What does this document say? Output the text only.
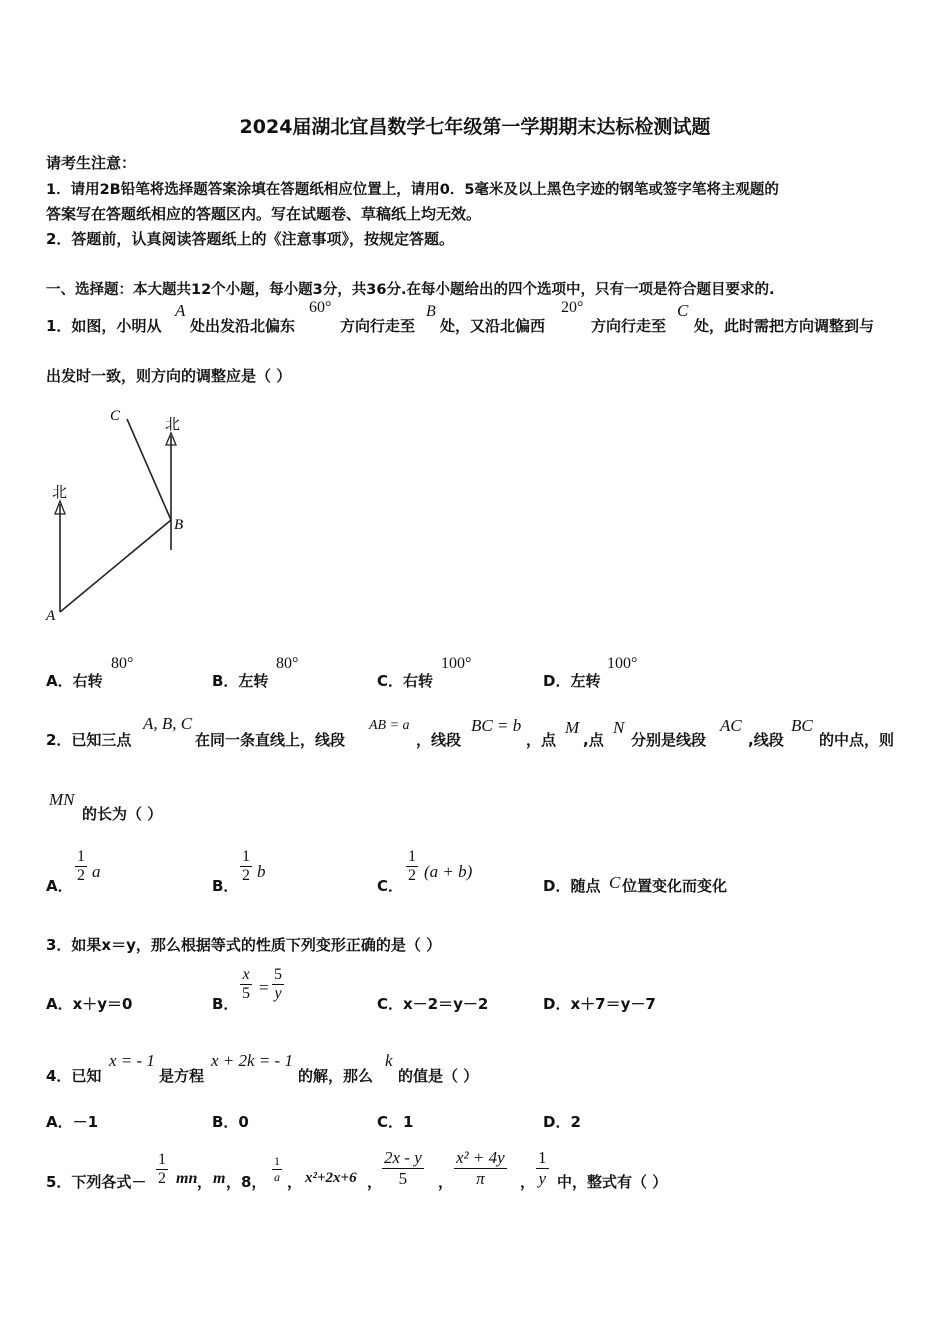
2024届湖北宜昌数学七年级第一学期期末达标检测试题
请考生注意：
1．请用2B铅笔将选择题答案涂填在答题纸相应位置上，请用0．5毫米及以上黑色字迹的钢笔或签字笔将主观题的
答案写在答题纸相应的答题区内。写在试题卷、草稿纸上均无效。
2．答题前，认真阅读答题纸上的《注意事项》，按规定答题。
一、选择题：本大题共12个小题，每小题3分，共36分.在每小题给出的四个选项中，只有一项是符合题目要求的.
1．如图，小明从
A
处出发沿北偏东
60°
方向行走至
B
处，又沿北偏西
20°
方向行走至
C
处，此时需把方向调整到与
出发时一致，则方向的调整应是（ ）
C
北
B
北
A
A．右转
80°
B．左转
80°
C．右转
100°
D．左转
100°
2．已知三点
A, B, C
在同一条直线上，线段
AB = a
，线段
BC = b
，点
M
,点
N
分别是线段
AC
,线段
BC
的中点，则
MN
的长为（ ）
A．
$\frac{1}{2}$ a
B．
$\frac{1}{2}$ b
C．
$\frac{1}{2} (a + b)$
D．随点 C 位置变化而变化
3．如果x＝y，那么根据等式的性质下列变形正确的是（ ）
A．x＋y＝0	B．
$\frac{x}{5} = \frac{5}{y}$
C．x－2＝y－2	D．x＋7＝y－7
4．已知
x = - 1
是方程
x + 2k = - 1
的解，那么
k
的值是（ ）
A．－1	B．0	C．1	D．2
5．下列各式－ $\frac{1}{2}$ mn ， m ，8， $\frac{1}{a}$ ， x²+2x+6 ， $\frac{2x - y}{5}$ ， $\frac{\text{x² + 4y}}{\pi}$ ， $\frac{1}{y}$ 中，整式有（ ）
